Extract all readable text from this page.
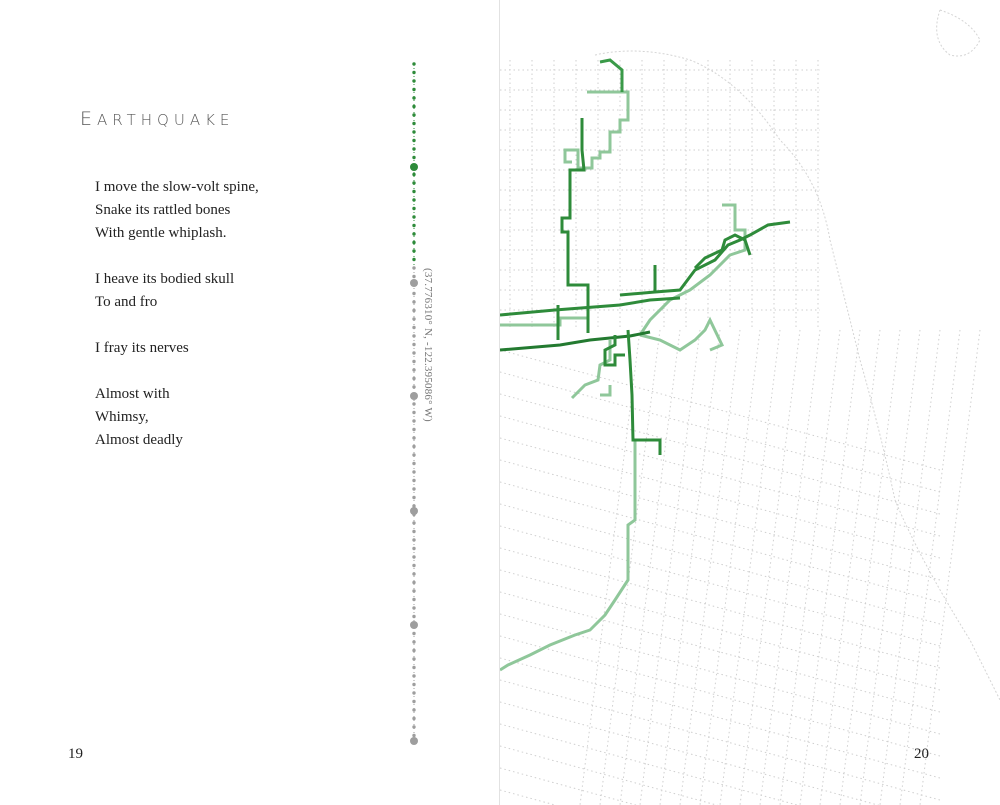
EARTHQUAKE
I move the slow-volt spine,
Snake its rattled bones
With gentle whiplash.
I heave its bodied skull
To and fro
I fray its nerves
Almost with
Whimsy,
Almost deadly
(37.776310° N, -122.395086° W)
19	20
